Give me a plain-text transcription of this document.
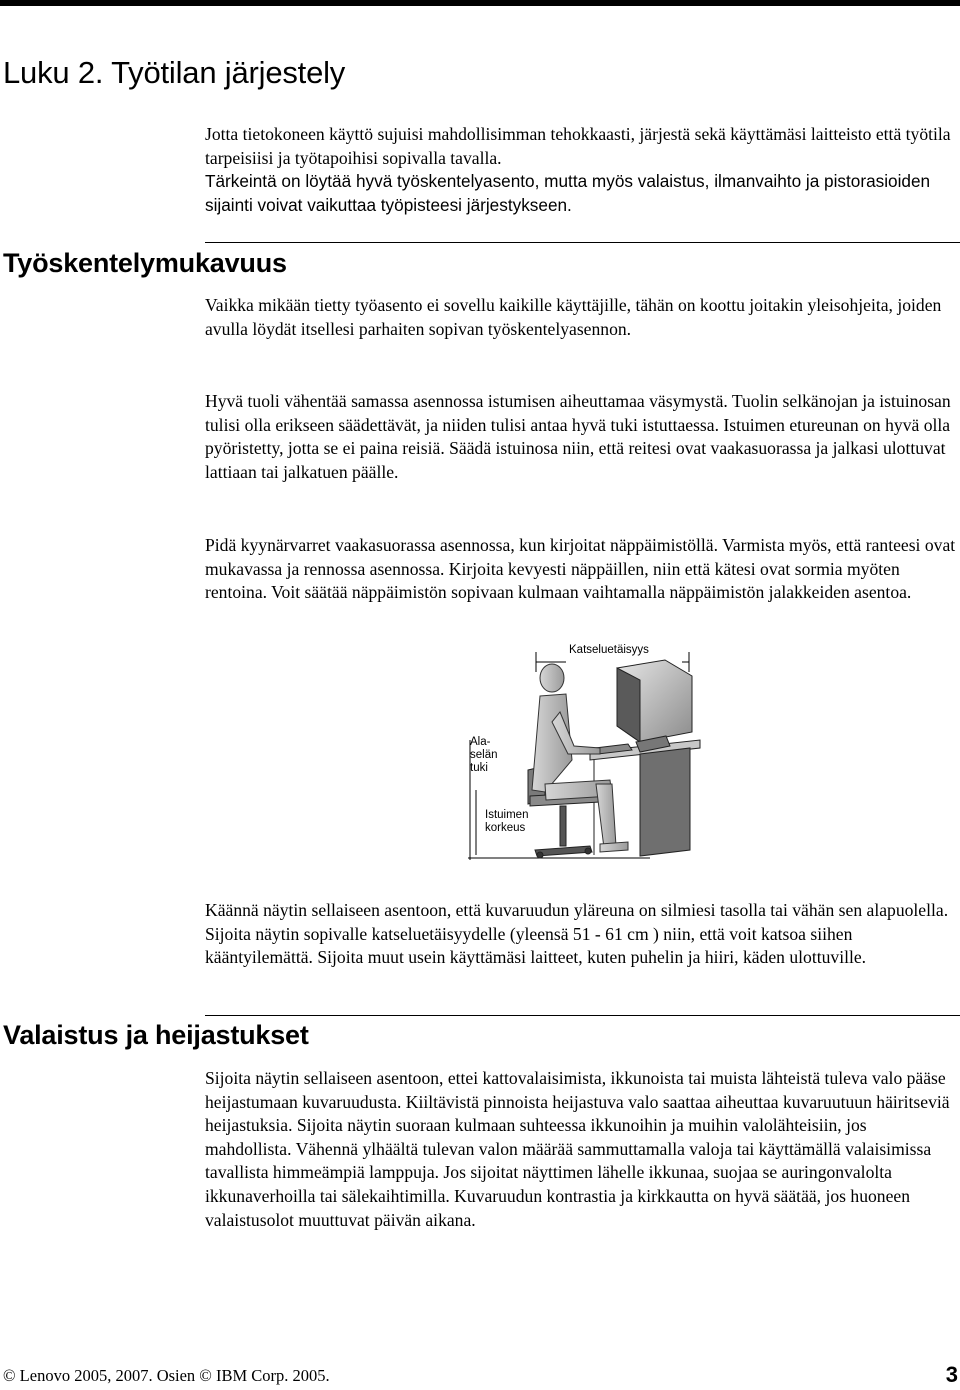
Luku 2. Työtilan järjestely

Jotta tietokoneen käyttö sujuisi mahdollisimman tehokkaasti, järjestä sekä käyttämäsi laitteisto että työtila tarpeisiisi ja työtapoihisi sopivalla tavalla.

Tärkeintä on löytää hyvä työskentelyasento, mutta myös valaistus, ilmanvaihto ja pistorasioiden sijainti voivat vaikuttaa työpisteesi järjestykseen.

Työskentelymukavuus

Vaikka mikään tietty työasento ei sovellu kaikille käyttäjille, tähän on koottu joitakin yleisohjeita, joiden avulla löydät itsellesi parhaiten sopivan työskentelyasennon.

Hyvä tuoli vähentää samassa asennossa istumisen aiheuttamaa väsymystä. Tuolin selkänojan ja istuinosan tulisi olla erikseen säädettävät, ja niiden tulisi antaa hyvä tuki istuttaessa. Istuimen etureunan on hyvä olla pyöristetty, jotta se ei paina reisiä. Säädä istuinosa niin, että reitesi ovat vaakasuorassa ja jalkasi ulottuvat lattiaan tai jalkatuen päälle.

Pidä kyynärvarret vaakasuorassa asennossa, kun kirjoitat näppäimistöllä. Varmista myös, että ranteesi ovat mukavassa ja rennossa asennossa. Kirjoita kevyesti näppäillen, niin että kätesi ovat sormia myöten rentoina. Voit säätää näppäimistön sopivaan kulmaan vaihtamalla näppäimistön jalakkeiden asentoa.

Katseluetäisyys
Ala-
selän
tuki
Istuimen
korkeus

Käännä näytin sellaiseen asentoon, että kuvaruudun yläreuna on silmiesi tasolla tai vähän sen alapuolella. Sijoita näytin sopivalle katseluetäisyydelle (yleensä 51 - 61 cm ) niin, että voit katsoa siihen kääntyilemättä. Sijoita muut usein käyttämäsi laitteet, kuten puhelin ja hiiri, käden ulottuville.

Valaistus ja heijastukset

Sijoita näytin sellaiseen asentoon, ettei kattovalaisimista, ikkunoista tai muista lähteistä tuleva valo pääse heijastumaan kuvaruudusta. Kiiltävistä pinnoista heijastuva valo saattaa aiheuttaa kuvaruutuun häiritseviä heijastuksia. Sijoita näytin suoraan kulmaan suhteessa ikkunoihin ja muihin valolähteisiin, jos mahdollista. Vähennä ylhäältä tulevan valon määrää sammuttamalla valoja tai käyttämällä valaisimissa tavallista himmeämpiä lamppuja. Jos sijoitat näyttimen lähelle ikkunaa, suojaa se auringonvalolta ikkunaverhoilla tai sälekaihtimilla. Kuvaruudun kontrastia ja kirkkautta on hyvä säätää, jos huoneen valaistusolot muuttuvat päivän aikana.

© Lenovo 2005, 2007. Osien © IBM Corp. 2005.	3
